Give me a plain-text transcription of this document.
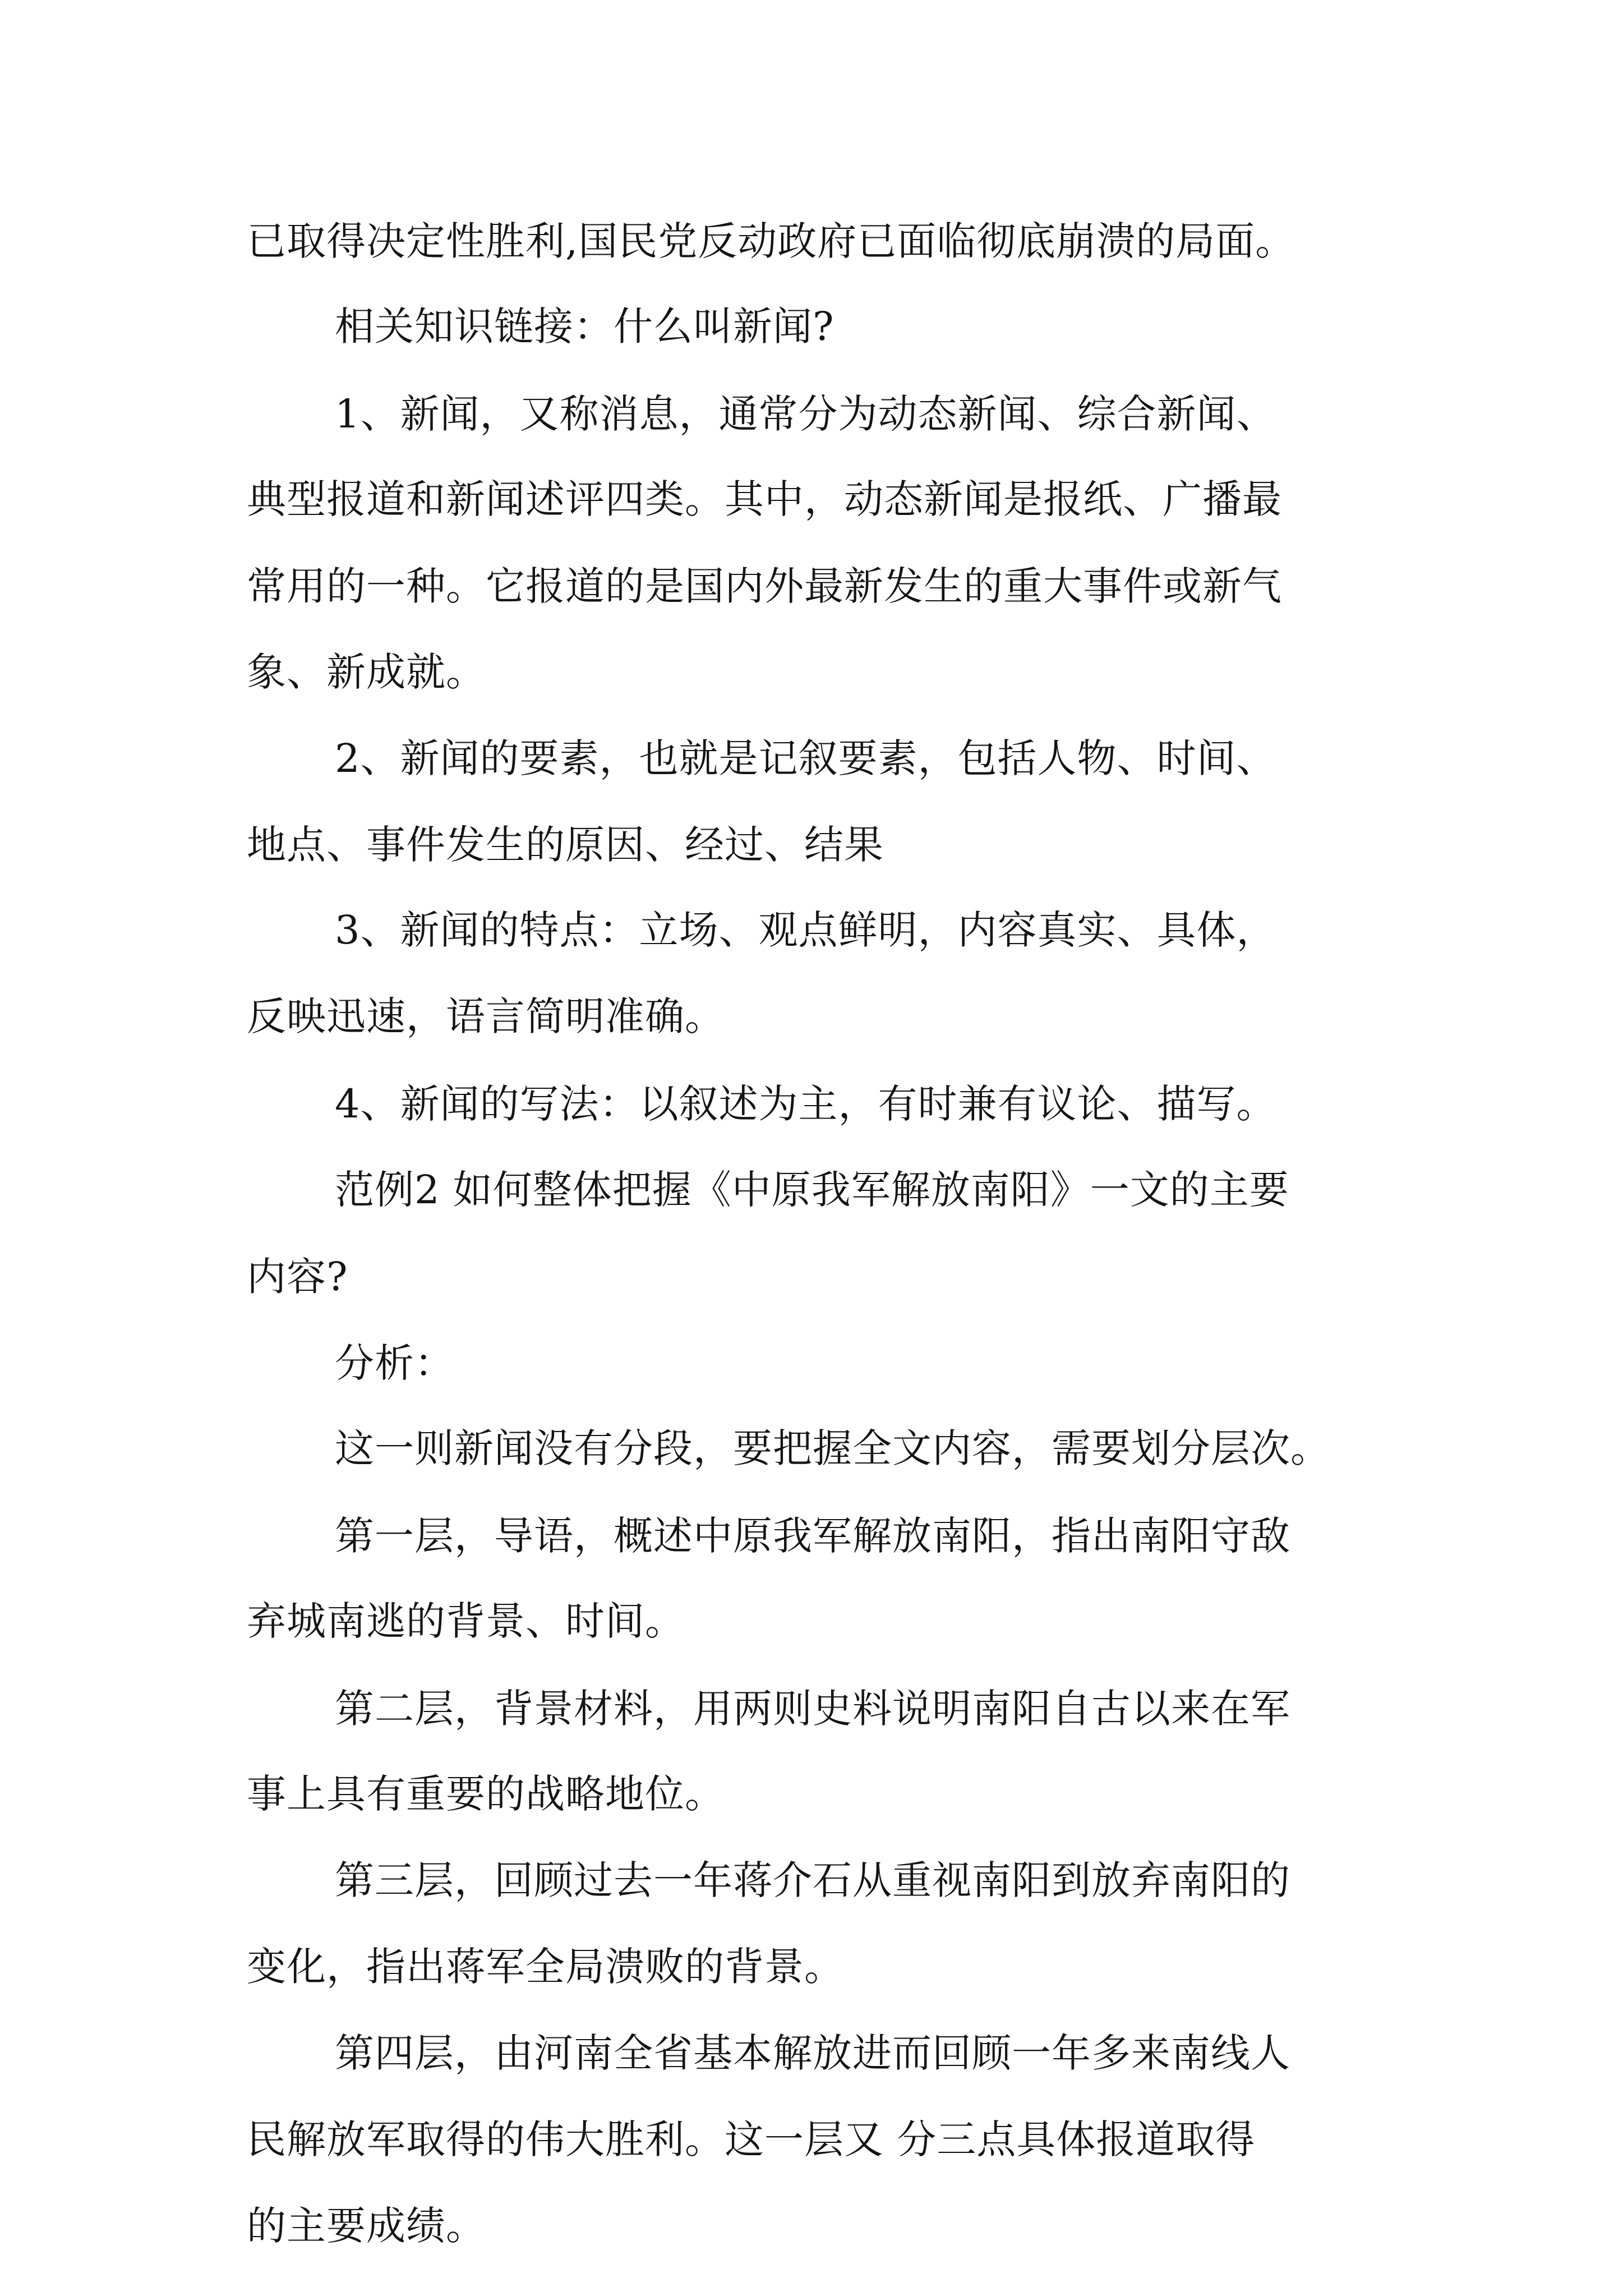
已取得决定性胜利,国民党反动政府已面临彻底崩溃的局面。

相关知识链接：什么叫新闻?

1、新闻，又称消息，通常分为动态新闻、综合新闻、

典型报道和新闻述评四类。其中，动态新闻是报纸、广播最

常用的一种。它报道的是国内外最新发生的重大事件或新气

象、新成就。

2、新闻的要素，也就是记叙要素，包括人物、时间、

地点、事件发生的原因、经过、结果

3、新闻的特点：立场、观点鲜明，内容真实、具体，

反映迅速，语言简明准确。

4、新闻的写法：以叙述为主，有时兼有议论、描写。

范例2 如何整体把握《中原我军解放南阳》一文的主要

内容?

分析：

这一则新闻没有分段，要把握全文内容，需要划分层次。

第一层，导语，概述中原我军解放南阳，指出南阳守敌

弃城南逃的背景、时间。

第二层，背景材料，用两则史料说明南阳自古以来在军

事上具有重要的战略地位。

第三层，回顾过去一年蒋介石从重视南阳到放弃南阳的

变化，指出蒋军全局溃败的背景。

第四层，由河南全省基本解放进而回顾一年多来南线人

民解放军取得的伟大胜利。这一层又 分三点具体报道取得

的主要成绩。
